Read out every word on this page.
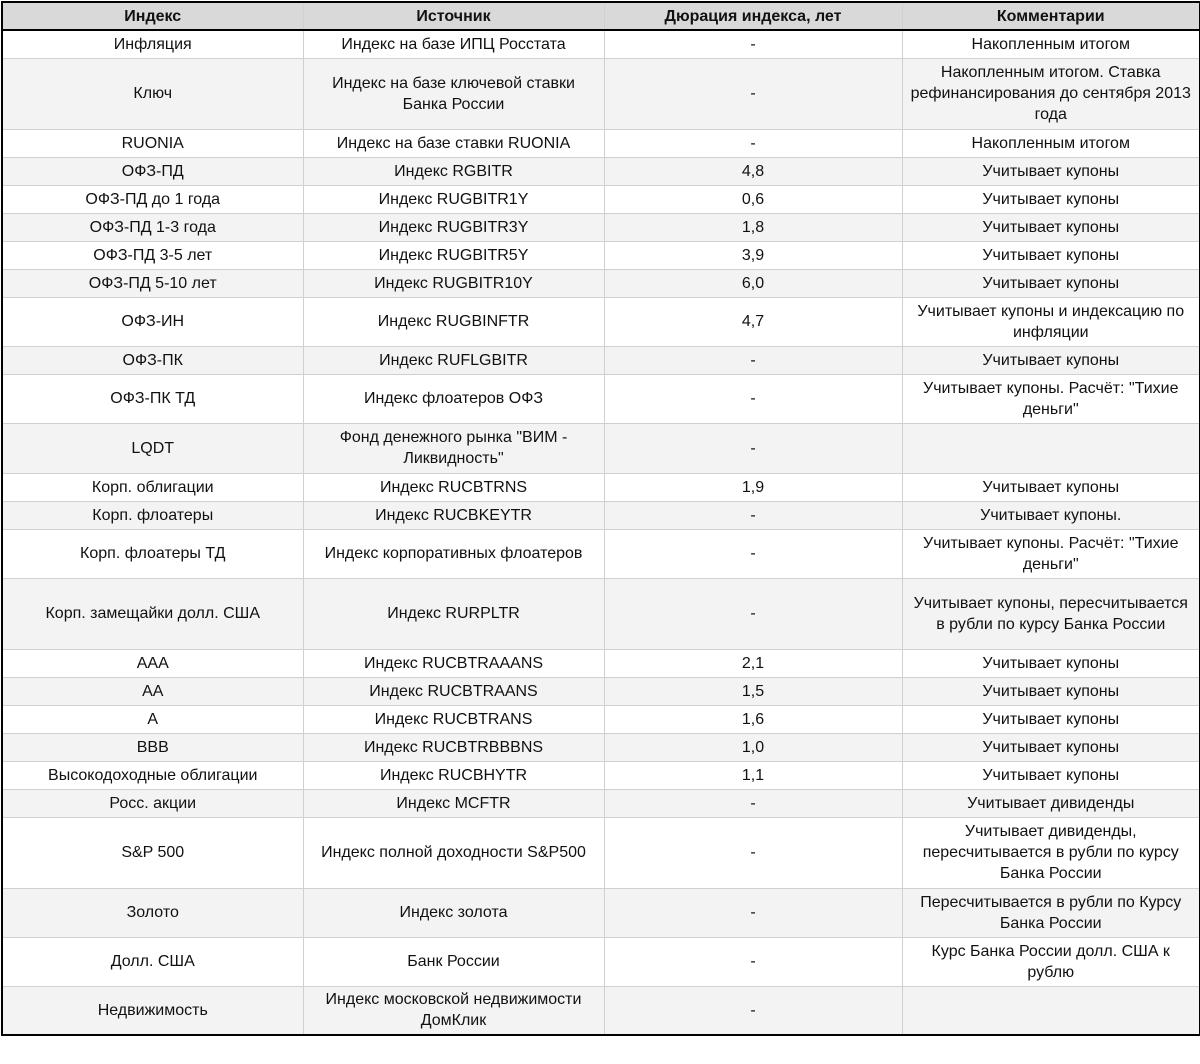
Индекс	Источник	Дюрация индекса, лет	Комментарии
Инфляция	Индекс на базе ИПЦ Росстата	-	Накопленным итогом
Ключ	Индекс на базе ключевой ставки Банка России	-	Накопленным итогом. Ставка рефинансирования до сентября 2013 года
RUONIA	Индекс на базе ставки RUONIA	-	Накопленным итогом
ОФЗ-ПД	Индекс RGBITR	4,8	Учитывает купоны
ОФЗ-ПД до 1 года	Индекс RUGBITR1Y	0,6	Учитывает купоны
ОФЗ-ПД 1-3 года	Индекс RUGBITR3Y	1,8	Учитывает купоны
ОФЗ-ПД 3-5 лет	Индекс RUGBITR5Y	3,9	Учитывает купоны
ОФЗ-ПД 5-10 лет	Индекс RUGBITR10Y	6,0	Учитывает купоны
ОФЗ-ИН	Индекс RUGBINFTR	4,7	Учитывает купоны и индексацию по инфляции
ОФЗ-ПК	Индекс RUFLGBITR	-	Учитывает купоны
ОФЗ-ПК ТД	Индекс флоатеров ОФЗ	-	Учитывает купоны. Расчёт: "Тихие деньги"
LQDT	Фонд денежного рынка "ВИМ - Ликвидность"	-	
Корп. облигации	Индекс RUCBTRNS	1,9	Учитывает купоны
Корп. флоатеры	Индекс RUCBKEYTR	-	Учитывает купоны.
Корп. флоатеры ТД	Индекс корпоративных флоатеров	-	Учитывает купоны. Расчёт: "Тихие деньги"
Корп. замещайки долл. США	Индекс RURPLTR	-	Учитывает купоны, пересчитывается в рубли по курсу Банка России
AAA	Индекс RUCBTRAAANS	2,1	Учитывает купоны
AA	Индекс RUCBTRAANS	1,5	Учитывает купоны
A	Индекс RUCBTRANS	1,6	Учитывает купоны
BBB	Индекс RUCBTRBBBNS	1,0	Учитывает купоны
Высокодоходные облигации	Индекс RUCBHYTR	1,1	Учитывает купоны
Росс. акции	Индекс MCFTR	-	Учитывает дивиденды
S&P 500	Индекс полной доходности S&P500	-	Учитывает дивиденды, пересчитывается в рубли по курсу Банка России
Золото	Индекс золота	-	Пересчитывается в рубли по Курсу Банка России
Долл. США	Банк России	-	Курс Банка России долл. США к рублю
Недвижимость	Индекс московской недвижимости ДомКлик	-	
